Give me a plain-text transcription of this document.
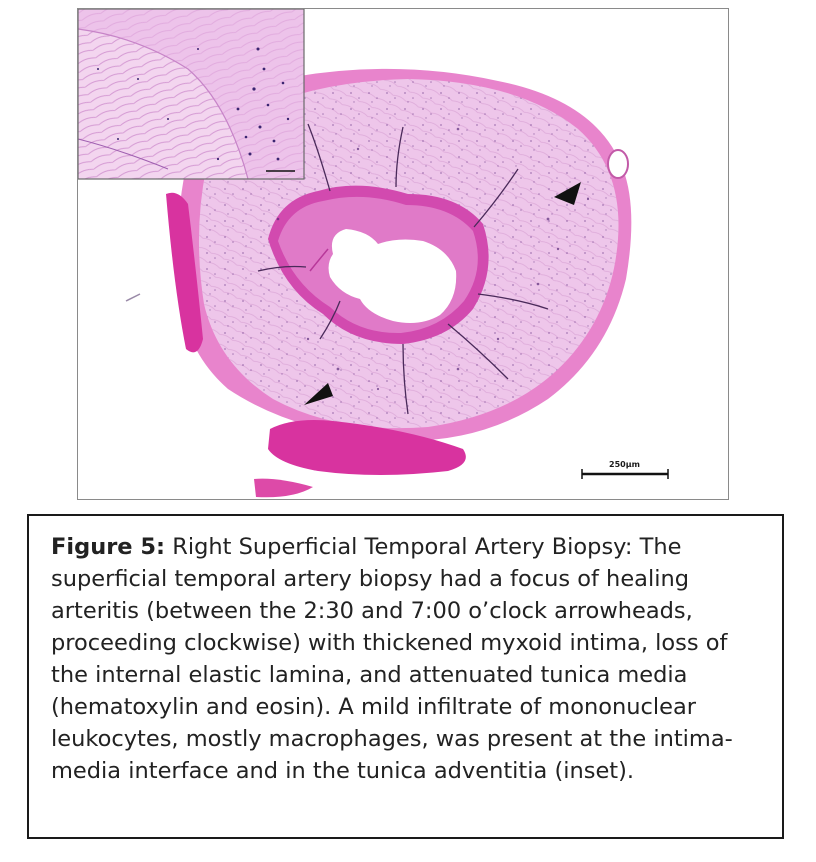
250μm

Figure 5: Right Superficial Temporal Artery Biopsy: The superficial temporal artery biopsy had a focus of healing arteritis (between the 2:30 and 7:00 o’clock arrowheads, proceeding clockwise) with thickened myxoid intima, loss of the internal elastic lamina, and attenuated tunica media (hematoxylin and eosin). A mild infiltrate of mononuclear leukocytes, mostly macrophages, was present at the intima-media interface and in the tunica adventitia (inset).
